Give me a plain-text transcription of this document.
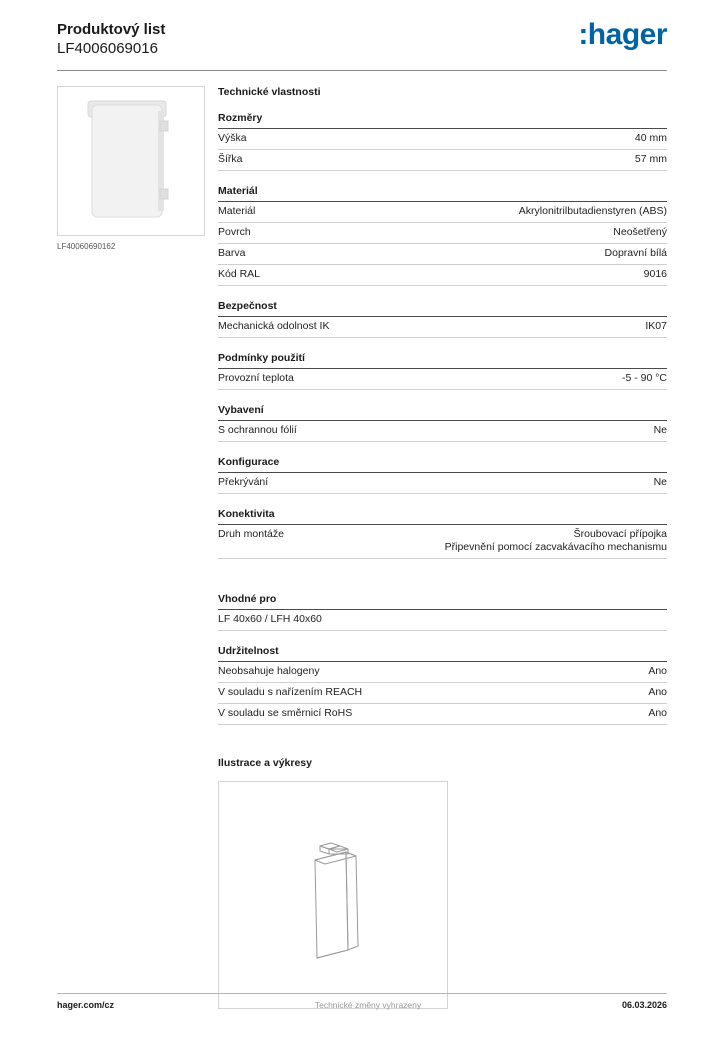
Produktový list
LF4006069016	:hager
LF40060690162
Technické vlastnosti
Rozměry
Výška	40 mm
Šířka	57 mm
Materiál
Materiál	Akrylonitrilbutadienstyren (ABS)
Povrch	Neošetřený
Barva	Dopravní bílá
Kód RAL	9016
Bezpečnost
Mechanická odolnost IK	IK07
Podmínky použití
Provozní teplota	-5 - 90 °C
Vybavení
S ochrannou fólií	Ne
Konfigurace
Překrývání	Ne
Konektivita
Druh montáže	Šroubovací přípojka
Připevnění pomocí zacvakávacího mechanismu
Vhodné pro
LF 40x60 / LFH 40x60
Udržitelnost
Neobsahuje halogeny	Ano
V souladu s nařízením REACH	Ano
V souladu se směrnicí RoHS	Ano
Ilustrace a výkresy
hager.com/cz	Technické změny vyhrazeny	06.03.2026
